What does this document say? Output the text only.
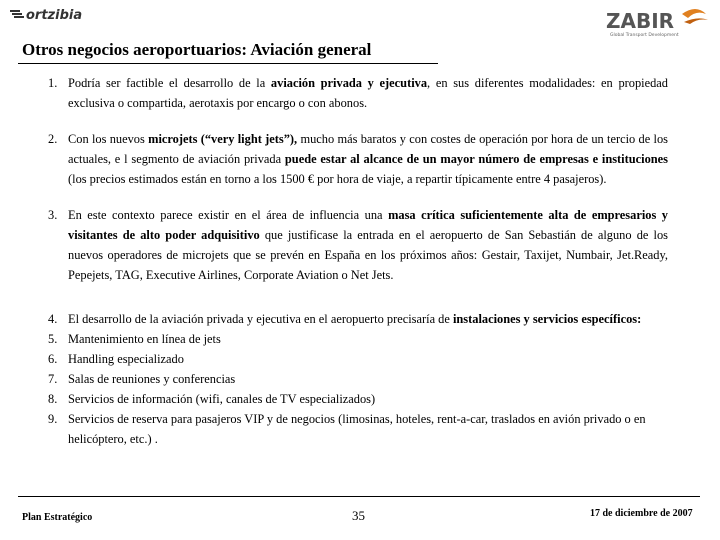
ortzibia	ZABIR
Global Transport Development
Otros negocios aeroportuarios: Aviación general
1. Podría ser factible el desarrollo de la aviación privada y ejecutiva, en sus diferentes modalidades: en propiedad exclusiva o compartida, aerotaxis por encargo o con abonos.
2. Con los nuevos microjets (“very light jets”), mucho más baratos y con costes de operación por hora de un tercio de los actuales, e l segmento de aviación privada puede estar al alcance de un mayor número de empresas e instituciones (los precios estimados están en torno a los 1500 € por hora de viaje, a repartir típicamente entre 4 pasajeros).
3. En este contexto parece existir en el área de influencia una masa crítica suficientemente alta de empresarios y visitantes de alto poder adquisitivo que justificase la entrada en el aeropuerto de San Sebastián de alguno de los nuevos operadores de microjets que se prevén en España en los próximos años: Gestair, Taxijet, Numbair, Jet.Ready, Pepejets, TAG, Executive Airlines, Corporate Aviation o Net Jets.
4. El desarrollo de la aviación privada y ejecutiva en el aeropuerto precisaría de instalaciones y servicios específicos:
5. Mantenimiento en línea de jets
6. Handling especializado
7. Salas de reuniones y conferencias
8. Servicios de información (wifi, canales de TV especializados)
9. Servicios de reserva para pasajeros VIP y de negocios (limosinas, hoteles, rent-a-car, traslados en avión privado o en helicóptero, etc.) .
Plan Estratégico	35	17 de diciembre de 2007
